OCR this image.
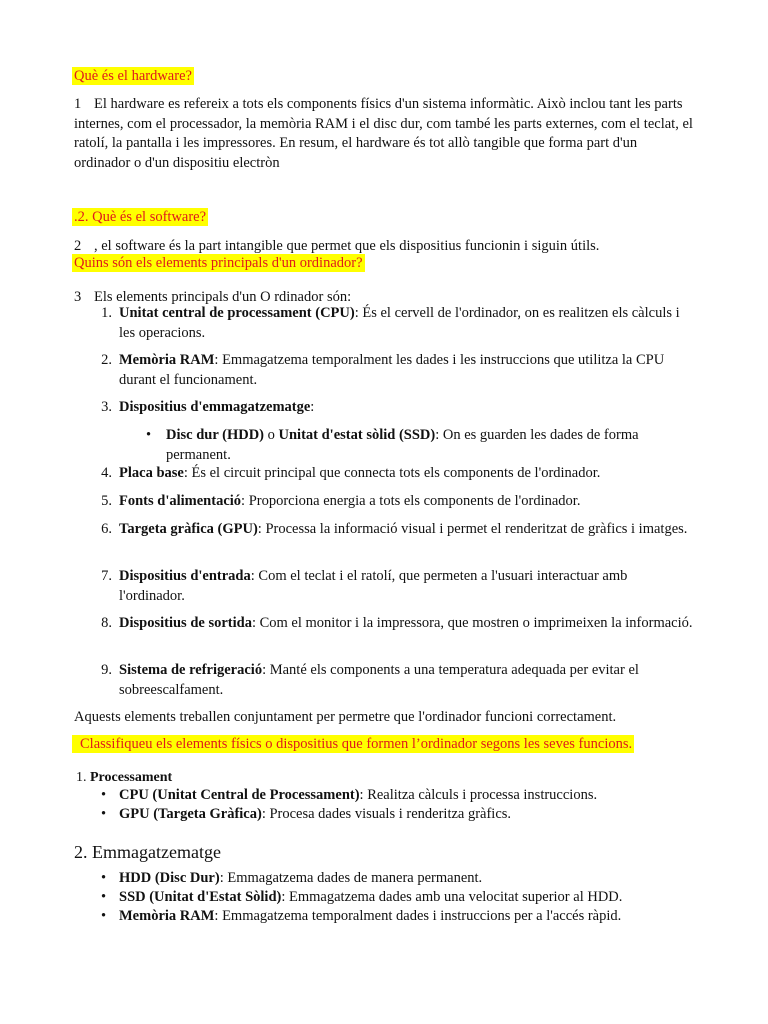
Què és el hardware?

1 El hardware es refereix a tots els components físics d'un sistema informàtic. Això inclou tant les parts internes, com el processador, la memòria RAM i el disc dur, com també les parts externes, com el teclat, el ratolí, la pantalla i les impressores. En resum, el hardware és tot allò tangible que forma part d'un ordinador o d'un dispositiu electròn

.2. Què és el software?

2 , el software és la part intangible que permet que els dispositius funcionin i siguin útils.

Quins són els elements principals d'un ordinador?

3 Els elements principals d'un O rdinador són:

1. Unitat central de processament (CPU): És el cervell de l'ordinador, on es realitzen els càlculs i les operacions.
2. Memòria RAM: Emmagatzema temporalment les dades i les instruccions que utilitza la CPU durant el funcionament.
3. Dispositius d'emmagatzematge:
• Disc dur (HDD) o Unitat d'estat sòlid (SSD): On es guarden les dades de forma permanent.
4. Placa base: És el circuit principal que connecta tots els components de l'ordinador.
5. Fonts d'alimentació: Proporciona energia a tots els components de l'ordinador.
6. Targeta gràfica (GPU): Processa la informació visual i permet el renderitzat de gràfics i imatges.
7. Dispositius d'entrada: Com el teclat i el ratolí, que permeten a l'usuari interactuar amb l'ordinador.
8. Dispositius de sortida: Com el monitor i la impressora, que mostren o imprimeixen la informació.
9. Sistema de refrigeració: Manté els components a una temperatura adequada per evitar el sobreescalfament.

Aquests elements treballen conjuntament per permetre que l'ordinador funcioni correctament.

Classifiqueu els elements físics o dispositius que formen l’ordinador segons les seves funcions.

1. Processament

• CPU (Unitat Central de Processament): Realitza càlculs i processa instruccions.
• GPU (Targeta Gràfica): Procesa dades visuals i renderitza gràfics.

2. Emmagatzematge

• HDD (Disc Dur): Emmagatzema dades de manera permanent.
• SSD (Unitat d'Estat Sòlid): Emmagatzema dades amb una velocitat superior al HDD.
• Memòria RAM: Emmagatzema temporalment dades i instruccions per a l'accés ràpid.
